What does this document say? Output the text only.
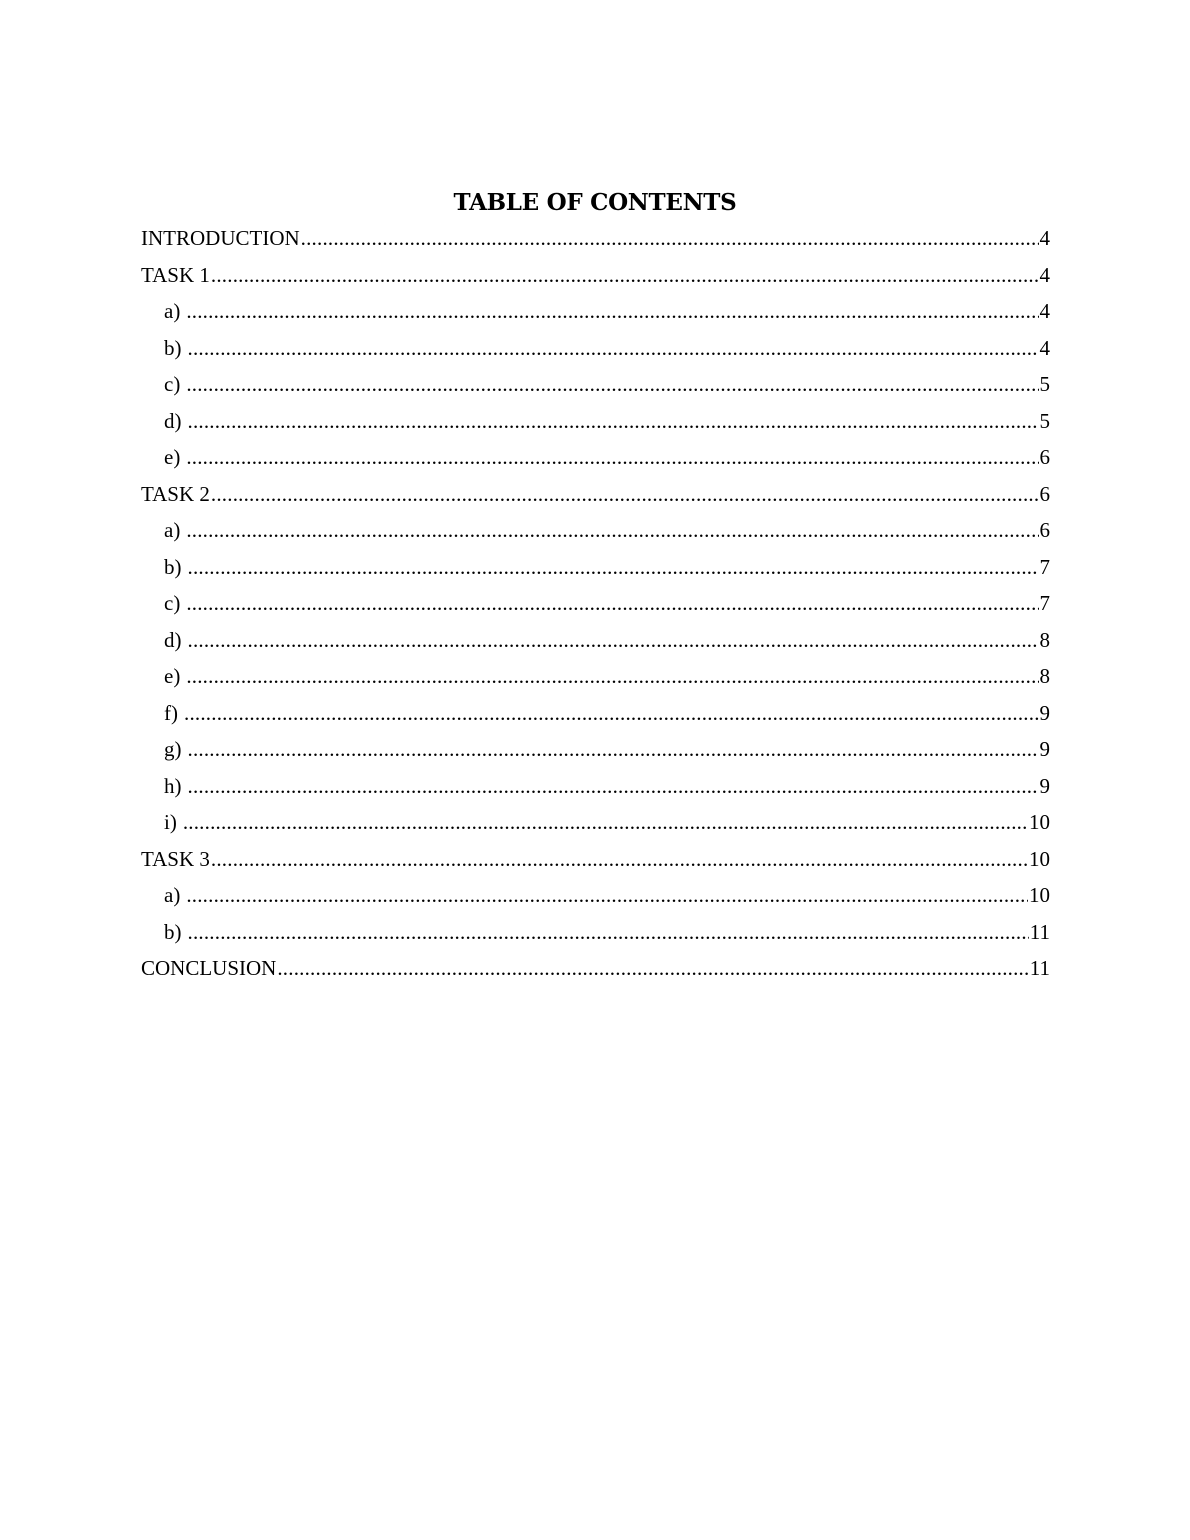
TABLE OF CONTENTS
INTRODUCTION .....	4
TASK 1 .....	4
a) .....	4
b) .....	4
c) .....	5
d) .....	5
e) .....	6
TASK 2 .....	6
a) .....	6
b) .....	7
c) .....	7
d) .....	8
e) .....	8
f) .....	9
g) .....	9
h) .....	9
i) .....	10
TASK 3 .....	10
a) .....	10
b) .....	11
CONCLUSION .....	11
